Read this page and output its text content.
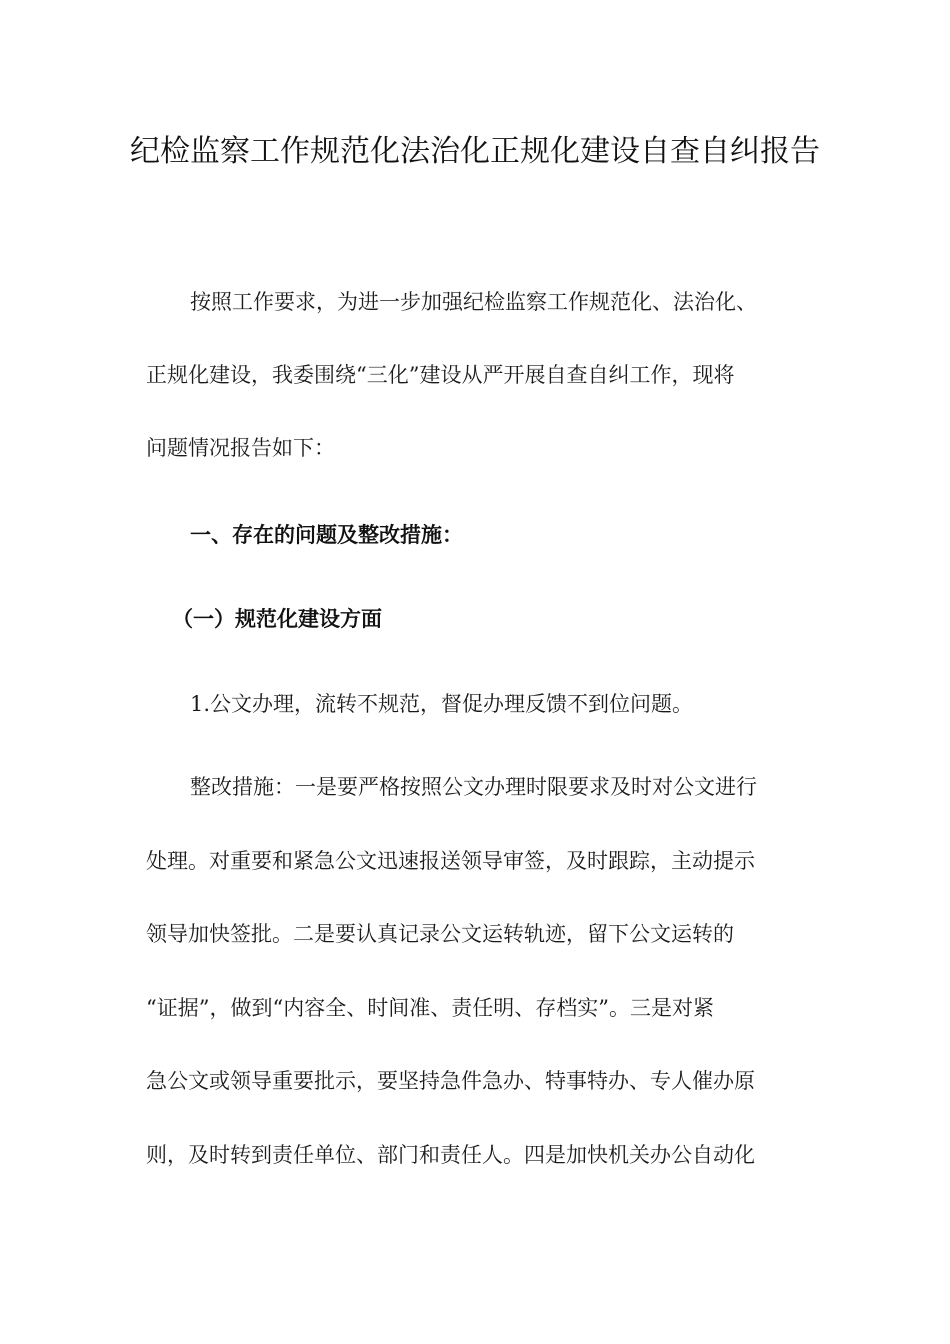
纪检监察工作规范化法治化正规化建设自查自纠报告
按照工作要求，为进一步加强纪检监察工作规范化、法治化、
正规化建设，我委围绕“三化”建设从严开展自查自纠工作，现将
问题情况报告如下：
一、存在的问题及整改措施：
（一）规范化建设方面
1.公文办理，流转不规范，督促办理反馈不到位问题。
整改措施：一是要严格按照公文办理时限要求及时对公文进行
处理。对重要和紧急公文迅速报送领导审签，及时跟踪，主动提示
领导加快签批。二是要认真记录公文运转轨迹，留下公文运转的
“证据”，做到“内容全、时间准、责任明、存档实”。三是对紧
急公文或领导重要批示，要坚持急件急办、特事特办、专人催办原
则，及时转到责任单位、部门和责任人。四是加快机关办公自动化
